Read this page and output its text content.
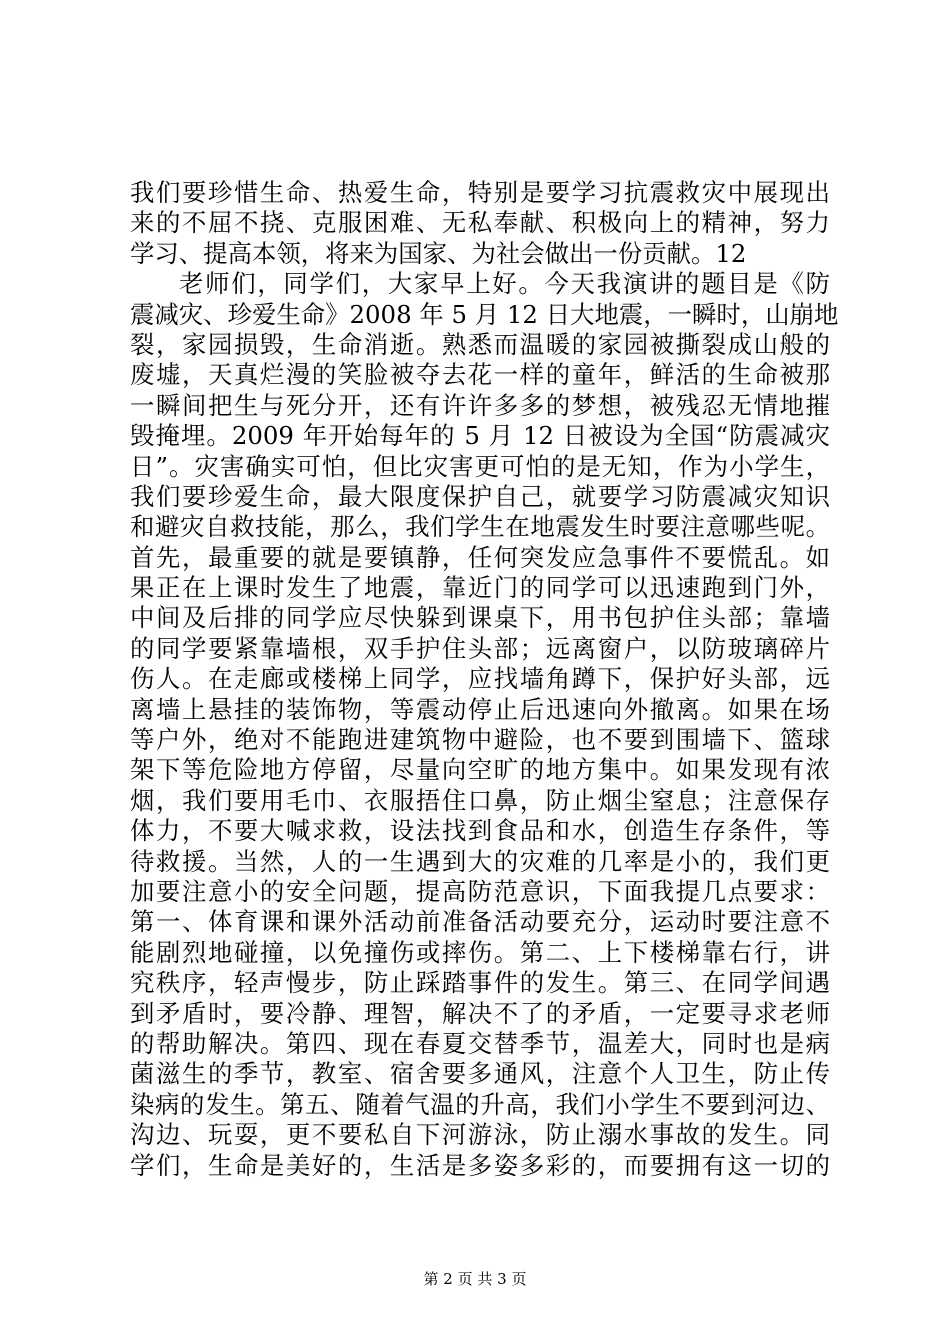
我们要珍惜生命、热爱生命，特别是要学习抗震救灾中展现出
来的不屈不挠、克服困难、无私奉献、积极向上的精神，努力
学习、提高本领，将来为国家、为社会做出一份贡献。12
老师们，同学们，大家早上好。今天我演讲的题目是《防
震减灾、珍爱生命》2008 年 5 月 12 日大地震，一瞬时，山崩地
裂，家园损毁，生命消逝。熟悉而温暖的家园被撕裂成山般的
废墟，天真烂漫的笑脸被夺去花一样的童年，鲜活的生命被那
一瞬间把生与死分开，还有许许多多的梦想，被残忍无情地摧
毁掩埋。2009 年开始每年的 5 月 12 日被设为全国“防震减灾
日”。灾害确实可怕，但比灾害更可怕的是无知，作为小学生，
我们要珍爱生命，最大限度保护自己，就要学习防震减灾知识
和避灾自救技能，那么，我们学生在地震发生时要注意哪些呢。
首先，最重要的就是要镇静，任何突发应急事件不要慌乱。如
果正在上课时发生了地震，靠近门的同学可以迅速跑到门外，
中间及后排的同学应尽快躲到课桌下，用书包护住头部；靠墙
的同学要紧靠墙根，双手护住头部；远离窗户，以防玻璃碎片
伤人。在走廊或楼梯上同学，应找墙角蹲下，保护好头部，远
离墙上悬挂的装饰物，等震动停止后迅速向外撤离。如果在场
等户外，绝对不能跑进建筑物中避险，也不要到围墙下、篮球
架下等危险地方停留，尽量向空旷的地方集中。如果发现有浓
烟，我们要用毛巾、衣服捂住口鼻，防止烟尘窒息；注意保存
体力，不要大喊求救，设法找到食品和水，创造生存条件，等
待救援。当然，人的一生遇到大的灾难的几率是小的，我们更
加要注意小的安全问题，提高防范意识，下面我提几点要求：
第一、体育课和课外活动前准备活动要充分，运动时要注意不
能剧烈地碰撞，以免撞伤或摔伤。第二、上下楼梯靠右行，讲
究秩序，轻声慢步，防止踩踏事件的发生。第三、在同学间遇
到矛盾时，要冷静、理智，解决不了的矛盾，一定要寻求老师
的帮助解决。第四、现在春夏交替季节，温差大，同时也是病
菌滋生的季节，教室、宿舍要多通风，注意个人卫生，防止传
染病的发生。第五、随着气温的升高，我们小学生不要到河边、
沟边、玩耍，更不要私自下河游泳，防止溺水事故的发生。同
学们，生命是美好的，生活是多姿多彩的，而要拥有这一切的
第 2 页 共 3 页
